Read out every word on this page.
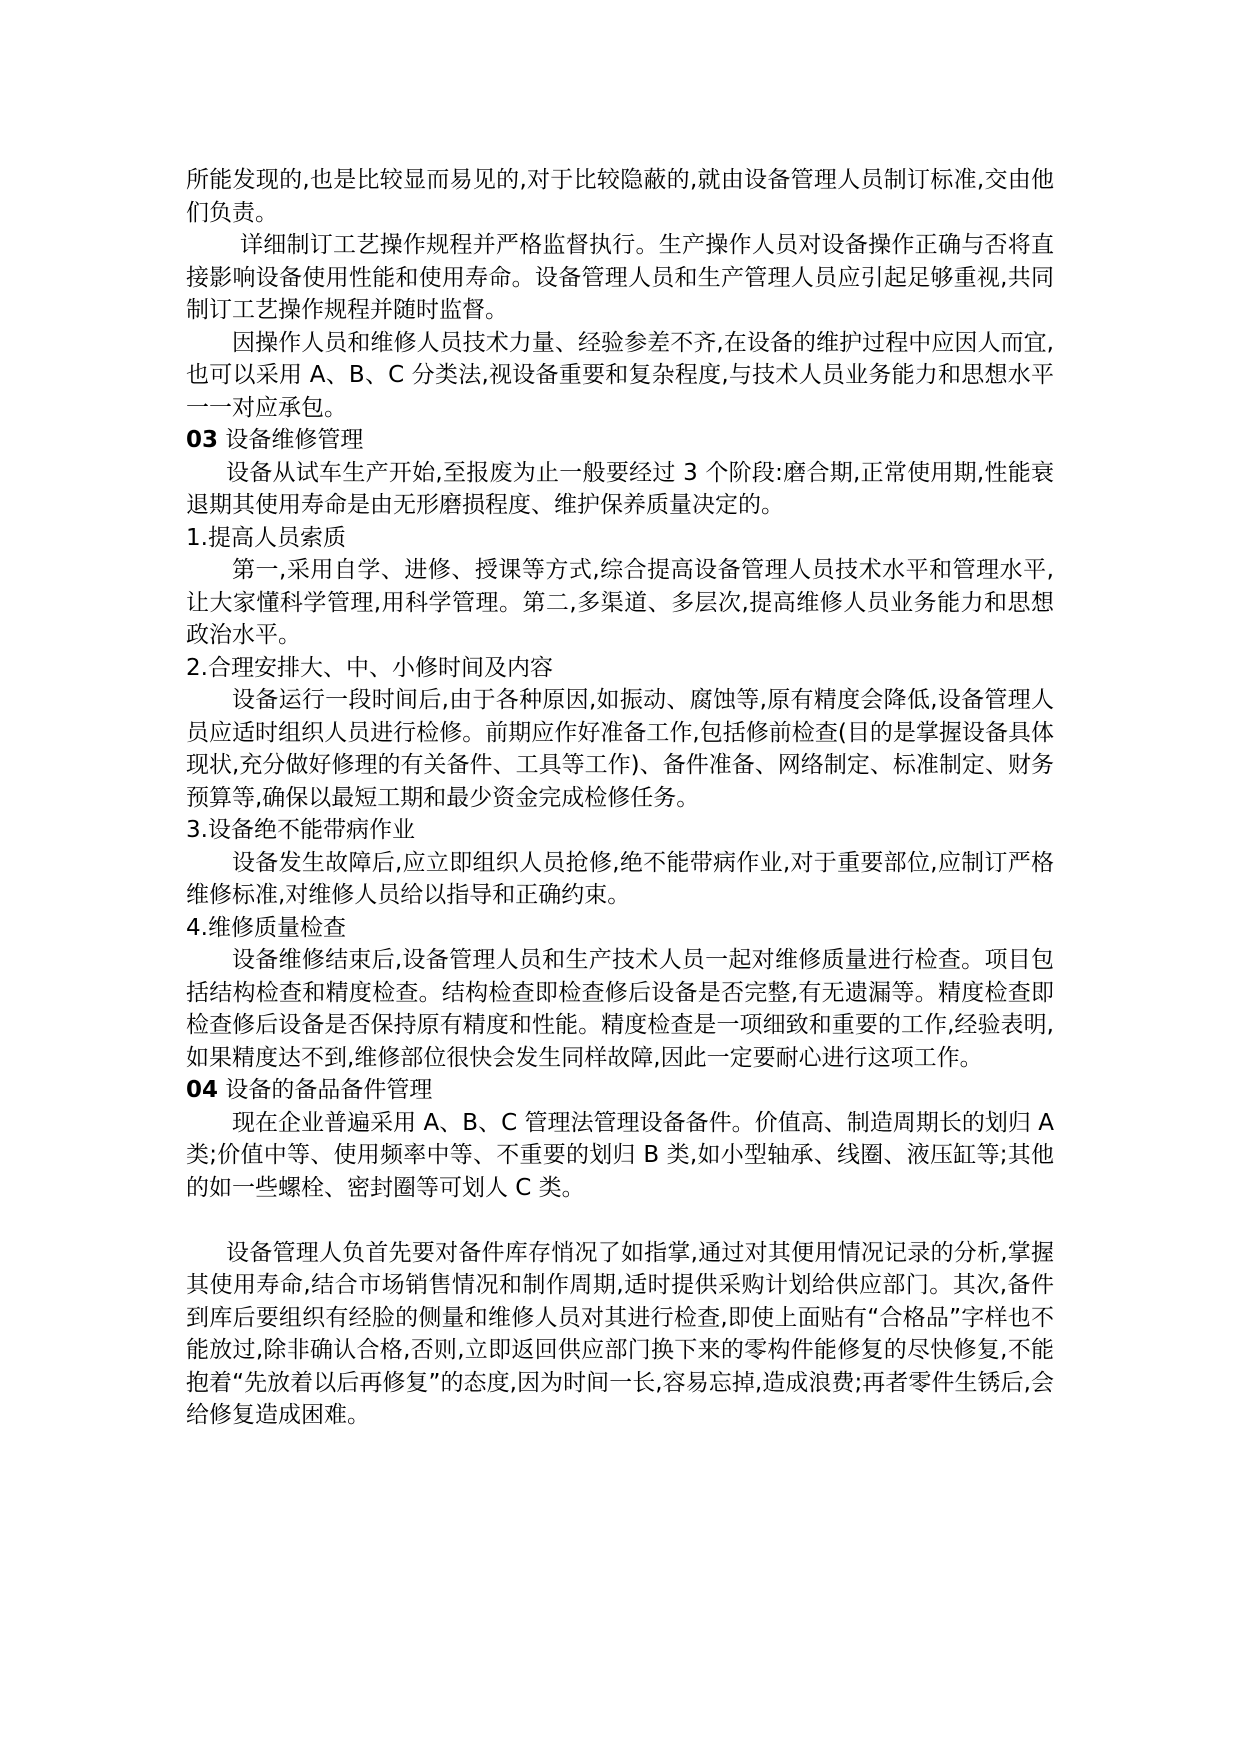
所能发现的,也是比较显而易见的,对于比较隐蔽的,就由设备管理人员制订标准,交由他们负责。

详细制订工艺操作规程并严格监督执行。生产操作人员对设备操作正确与否将直接影响设备使用性能和使用寿命。设备管理人员和生产管理人员应引起足够重视,共同制订工艺操作规程并随时监督。

因操作人员和维修人员技术力量、经验参差不齐,在设备的维护过程中应因人而宜,也可以采用 A、B、C 分类法,视设备重要和复杂程度,与技术人员业务能力和思想水平一一对应承包。

03 设备维修管理

设备从试车生产开始,至报废为止一般要经过 3 个阶段:磨合期,正常使用期,性能衰退期其使用寿命是由无形磨损程度、维护保养质量决定的。

1.提高人员索质

第一,采用自学、进修、授课等方式,综合提高设备管理人员技术水平和管理水平,让大家懂科学管理,用科学管理。第二,多渠道、多层次,提高维修人员业务能力和思想政治水平。

2.合理安排大、中、小修时间及内容

设备运行一段时间后,由于各种原因,如振动、腐蚀等,原有精度会降低,设备管理人员应适时组织人员进行检修。前期应作好准备工作,包括修前检查(目的是掌握设备具体现状,充分做好修理的有关备件、工具等工作)、备件准备、网络制定、标准制定、财务预算等,确保以最短工期和最少资金完成检修任务。

3.设备绝不能带病作业

设备发生故障后,应立即组织人员抢修,绝不能带病作业,对于重要部位,应制订严格维修标准,对维修人员给以指导和正确约束。

4.维修质量检查

设备维修结束后,设备管理人员和生产技术人员一起对维修质量进行检查。项目包括结构检查和精度检查。结构检查即检查修后设备是否完整,有无遗漏等。精度检查即检查修后设备是否保持原有精度和性能。精度检查是一项细致和重要的工作,经验表明,如果精度达不到,维修部位很快会发生同样故障,因此一定要耐心进行这项工作。

04 设备的备品备件管理

现在企业普遍采用 A、B、C 管理法管理设备备件。价值高、制造周期长的划归 A 类;价值中等、使用频率中等、不重要的划归 B 类,如小型轴承、线圈、液压缸等;其他的如一些螺栓、密封圈等可划人 C 类。

设备管理人负首先要对备件库存悄况了如指掌,通过对其便用情况记录的分析,掌握其使用寿命,结合市场销售情况和制作周期,适时提供采购计划给供应部门。其次,备件到库后要组织有经脸的侧量和维修人员对其进行检查,即使上面贴有“合格品”字样也不能放过,除非确认合格,否则,立即返回供应部门换下来的零构件能修复的尽快修复,不能抱着“先放着以后再修复”的态度,因为时间一长,容易忘掉,造成浪费;再者零件生锈后,会给修复造成困难。
